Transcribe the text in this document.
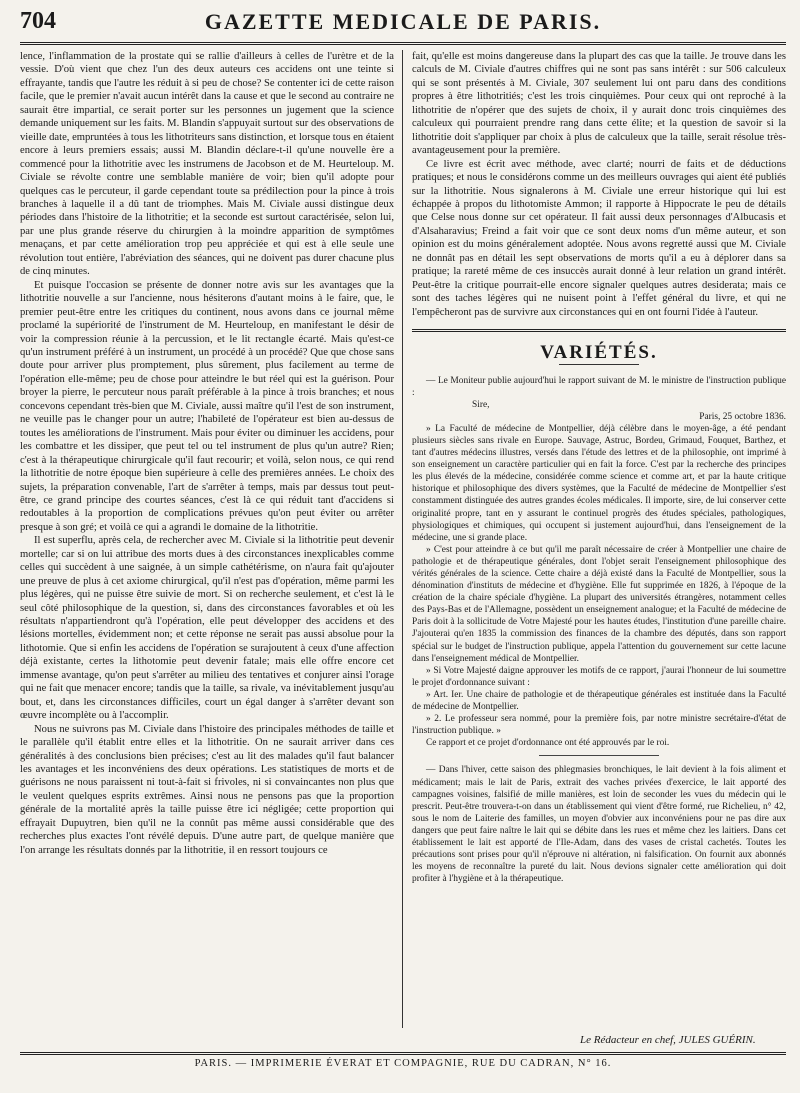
704	GAZETTE MEDICALE DE PARIS.

lence, l'inflammation de la prostate qui se rallie d'ailleurs à celles de l'urètre et de la vessie. D'où vient que chez l'un des deux auteurs ces accidens ont une teinte si effrayante, tandis que l'autre les réduit à si peu de chose? Se contenter ici de cette raison facile, que le premier n'avait aucun intérêt dans la cause et que le second au contraire ne saurait être impartial, ce serait porter sur les personnes un jugement que la science demande uniquement sur les faits. M. Blandin s'appuyait surtout sur des observations de vieille date, empruntées à tous les lithotriteurs sans distinction, et lorsque tous en étaient encore à leurs premiers essais; aussi M. Blandin déclare-t-il qu'une nouvelle ère a commencé pour la lithotritie avec les instrumens de Jacobson et de M. Heurteloup. M. Civiale se révolte contre une semblable manière de voir; bien qu'il adopte pour quelques cas le percuteur, il garde cependant toute sa prédilection pour la pince à trois branches à laquelle il a dû tant de triomphes. Mais M. Civiale aussi distingue deux périodes dans l'histoire de la lithotritie; et la seconde est surtout caractérisée, selon lui, par une plus grande réserve du chirurgien à la moindre apparition de symptômes menaçans, et par cette amélioration trop peu appréciée et qui est à elle seule une révolution tout entière, l'abréviation des séances, qui ne doivent pas durer chacune plus de cinq minutes.

Et puisque l'occasion se présente de donner notre avis sur les avantages que la lithotritie nouvelle a sur l'ancienne, nous hésiterons d'autant moins à le faire, que, le premier peut-être entre les critiques du continent, nous avons dans ce journal même proclamé la supériorité de l'instrument de M. Heurteloup, en manifestant le désir de voir la compression réunie à la percussion, et le lit rectangle écarté. Mais qu'est-ce qu'un instrument préféré à un instrument, un procédé à un procédé? Que que chose sans doute pour arriver plus promptement, plus sûrement, plus facilement au terme de l'opération elle-même; peu de chose pour atteindre le but réel qui est la guérison. Pour broyer la pierre, le percuteur nous paraît préférable à la pince à trois branches; et nous concevons cependant très-bien que M. Civiale, aussi maître qu'il l'est de son instrument, ne veuille pas le changer pour un autre; l'habileté de l'opérateur est bien au-dessus de toutes les améliorations de l'instrument. Mais pour éviter ou diminuer les accidens, pour les combattre et les dissiper, que peut tel ou tel instrument de plus qu'un autre? Rien; c'est à la thérapeutique chirurgicale qu'il faut recourir; et voilà, selon nous, ce qui rend la lithotritie de notre époque bien supérieure à celle des premières années. Le choix des sujets, la préparation convenable, l'art de s'arrêter à temps, mais par dessus tout peut-être, ce grand principe des courtes séances, c'est là ce qui réduit tant d'accidens si redoutables à la proportion de complications prévues qu'on peut éviter ou arrêter presque à son gré; et voilà ce qui a agrandi le domaine de la lithotritie.

Il est superflu, après cela, de rechercher avec M. Civiale si la lithotritie peut devenir mortelle; car si on lui attribue des morts dues à des circonstances inexplicables comme celles qui succèdent à une saignée, à un simple cathétérisme, on n'aura fait qu'ajouter une preuve de plus à cet axiome chirurgical, qu'il n'est pas d'opération, même parmi les plus légères, qui ne puisse être suivie de mort. Si on recherche seulement, et c'est là le seul côté philosophique de la question, si, dans des circonstances favorables et où les résultats n'appartiendront qu'à l'opération, elle peut développer des accidens et des lésions mortelles, évidemment non; et cette réponse ne serait pas aussi absolue pour la lithotomie. Que si enfin les accidens de l'opération se surajoutent à ceux d'une affection déjà existante, certes la lithotomie peut devenir fatale; mais elle offre encore cet immense avantage, qu'on peut s'arrêter au milieu des tentatives et conjurer ainsi l'orage qui ne fait que menacer encore; tandis que la taille, sa rivale, va inévitablement jusqu'au bout, et, dans les circonstances difficiles, court un égal danger à s'arrêter devant son œuvre incomplète ou à l'accomplir.

Nous ne suivrons pas M. Civiale dans l'histoire des principales méthodes de taille et le parallèle qu'il établit entre elles et la lithotritie. On ne saurait arriver dans ces généralités à des conclusions bien précises; c'est au lit des malades qu'il faut balancer les avantages et les inconvéniens des deux opérations. Les statistiques de morts et de guérisons ne nous paraissent ni tout-à-fait si frivoles, ni si convaincantes non plus que le veulent quelques esprits extrêmes. Ainsi nous ne pensons pas que la proportion générale de la mortalité après la taille puisse être ici négligée; cette proportion qui effrayait Dupuytren, bien qu'il ne la connût pas même aussi considérable que des recherches plus exactes l'ont révélé depuis. D'une autre part, de quelque manière que l'on arrange les résultats donnés par la lithotritie, il en ressort toujours ce

fait, qu'elle est moins dangereuse dans la plupart des cas que la taille. Je trouve dans les calculs de M. Civiale d'autres chiffres qui ne sont pas sans intérêt : sur 506 calculeux qui se sont présentés à M. Civiale, 307 seulement lui ont paru dans des conditions propres à être lithotritiés; c'est les trois cinquièmes. Pour ceux qui ont reproché à la lithotritie de n'opérer que des sujets de choix, il y aurait donc trois cinquièmes des calculeux qui pourraient prendre rang dans cette élite; et la question de savoir si la lithotritie doit s'appliquer par choix à plus de calculeux que la taille, serait résolue très-avantageusement pour la première.

Ce livre est écrit avec méthode, avec clarté; nourri de faits et de déductions pratiques; et nous le considérons comme un des meilleurs ouvrages qui aient été publiés sur la lithotritie. Nous signalerons à M. Civiale une erreur historique qui lui est échappée à propos du lithotomiste Ammon; il rapporte à Hippocrate le peu de détails que Celse nous donne sur cet opérateur. Il fait aussi deux personnages d'Albucasis et d'Alsaharavius; Freind a fait voir que ce sont deux noms d'un même auteur, et son opinion est du moins généralement adoptée. Nous avons regretté aussi que M. Civiale ne donnât pas en détail les sept observations de morts qu'il a eu à déplorer dans sa pratique; la rareté même de ces insuccès aurait donné à leur relation un grand intérêt. Peut-être la critique pourrait-elle encore signaler quelques autres desiderata; mais ce sont des taches légères qui ne nuisent point à l'effet général du livre, et qui ne l'empêcheront pas de survivre aux circonstances qui en ont fourni l'idée à l'auteur.

VARIÉTÉS.

— Le Moniteur publie aujourd'hui le rapport suivant de M. le ministre de l'instruction publique :

Sire,

Paris, 25 octobre 1836.

» La Faculté de médecine de Montpellier, déjà célèbre dans le moyen-âge, a été pendant plusieurs siècles sans rivale en Europe. Sauvage, Astruc, Bordeu, Grimaud, Fouquet, Barthez, et tant d'autres médecins illustres, versés dans l'étude des lettres et de la philosophie, ont imprimé à son enseignement un caractère particulier qui en fait la force. C'est par la recherche des principes les plus élevés de la médecine, considérée comme science et comme art, et par la haute critique historique et philosophique des divers systèmes, que la Faculté de médecine de Montpellier s'est constamment distinguée des autres grandes écoles médicales. Il importe, sire, de lui conserver cette originalité propre, tant en y assurant le continuel progrès des études spéciales, pathologiques, physiologiques et chimiques, qui occupent si justement aujourd'hui, dans l'enseignement de la médecine, une si grande place.

» C'est pour atteindre à ce but qu'il me paraît nécessaire de créer à Montpellier une chaire de pathologie et de thérapeutique générales, dont l'objet serait l'enseignement philosophique des vérités générales de la science. Cette chaire a déjà existé dans la Faculté de Montpellier, sous la dénomination d'instituts de médecine et d'hygiène. Elle fut supprimée en 1826, à l'époque de la création de la chaire spéciale d'hygiène. La plupart des universités étrangères, notamment celles des Pays-Bas et de l'Allemagne, possèdent un enseignement analogue; et la Faculté de médecine de Paris doit à la sollicitude de Votre Majesté pour les hautes études, l'institution d'une pareille chaire. J'ajouterai qu'en 1835 la commission des finances de la chambre des députés, dans son rapport spécial sur le budget de l'instruction publique, appela l'attention du gouvernement sur cette lacune dans l'enseignement médical de Montpellier.

» Si Votre Majesté daigne approuver les motifs de ce rapport, j'aurai l'honneur de lui soumettre le projet d'ordonnance suivant :

» Art. Ier. Une chaire de pathologie et de thérapeutique générales est instituée dans la Faculté de médecine de Montpellier.

» 2. Le professeur sera nommé, pour la première fois, par notre ministre secrétaire-d'état de l'instruction publique. »

Ce rapport et ce projet d'ordonnance ont été approuvés par le roi.

— Dans l'hiver, cette saison des phlegmasies bronchiques, le lait devient à la fois aliment et médicament; mais le lait de Paris, extrait des vaches privées d'exercice, le lait apporté des campagnes voisines, falsifié de mille manières, est loin de seconder les vues du médecin qui le prescrit. Peut-être trouvera-t-on dans un établissement qui vient d'être formé, rue Richelieu, n° 42, sous le nom de Laiterie des familles, un moyen d'obvier aux inconvéniens pour ne pas dire aux dangers que peut faire naître le lait qui se débite dans les rues et même chez les laitiers. Dans cet établissement le lait est apporté de l'Ile-Adam, dans des vases de cristal cachetés. Toutes les précautions sont prises pour qu'il n'éprouve ni altération, ni falsification. On fournit aux abonnés les moyens de reconnaître la pureté du lait. Nous devions signaler cette amélioration qui doit profiter à l'hygiène et à la thérapeutique.

Le Rédacteur en chef, JULES GUÉRIN.
PARIS. — IMPRIMERIE ÉVERAT ET COMPAGNIE, RUE DU CADRAN, N° 16.
